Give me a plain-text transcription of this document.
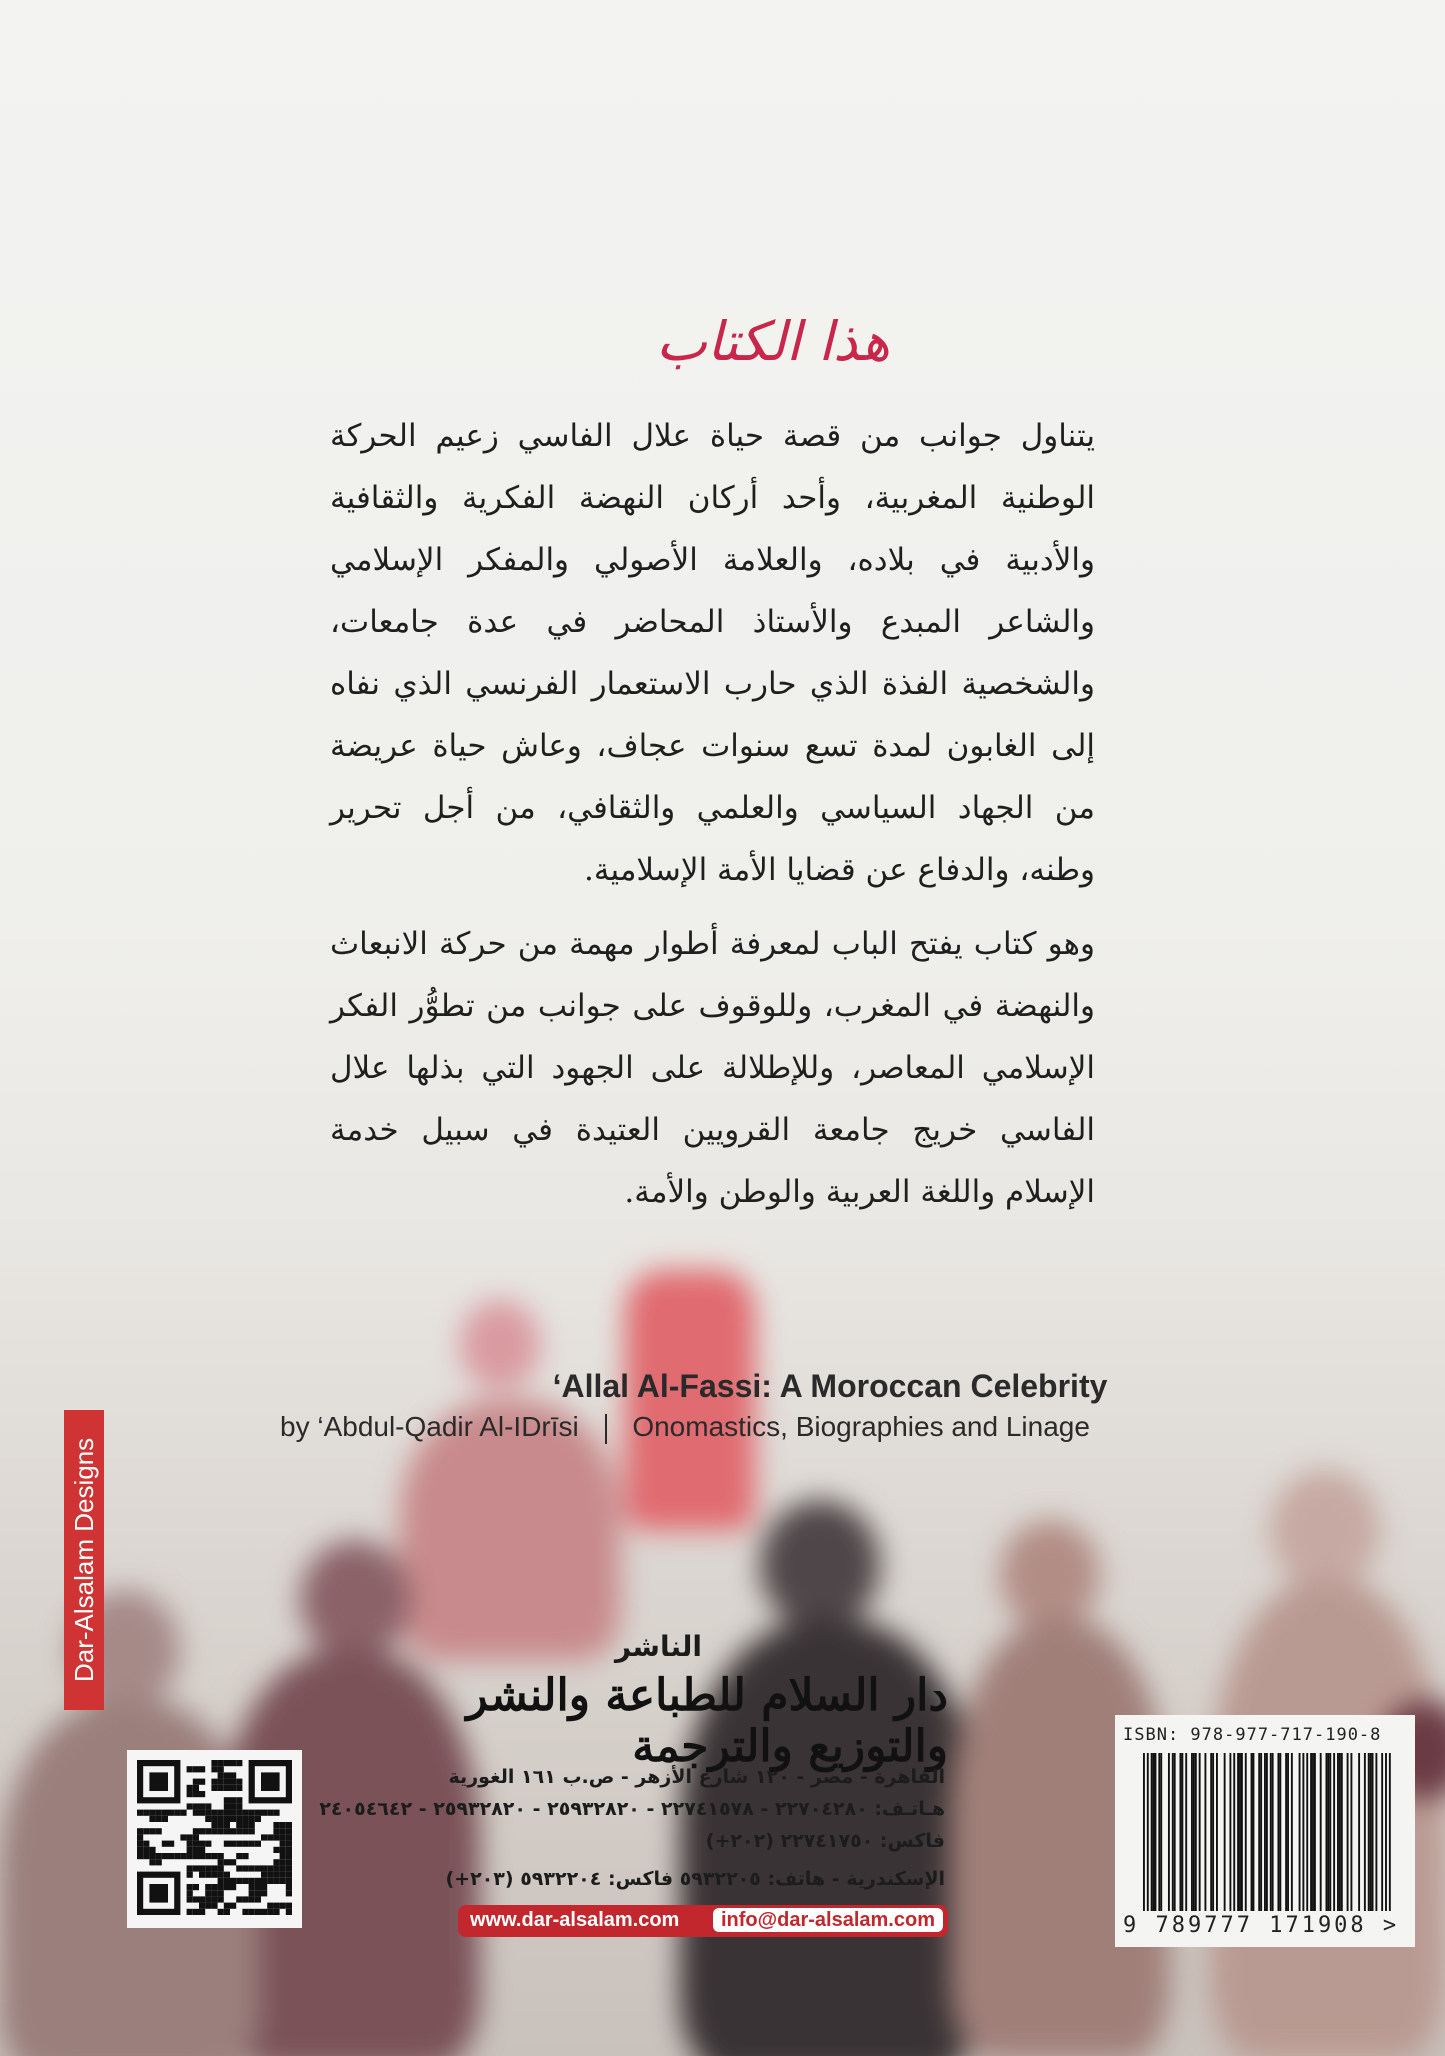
هذا الكتاب

يتناول جوانب من قصة حياة علال الفاسي زعيم الحركة الوطنية المغربية، وأحد أركان النهضة الفكرية والثقافية والأدبية في بلاده، والعلامة الأصولي والمفكر الإسلامي والشاعر المبدع والأستاذ المحاضر في عدة جامعات، والشخصية الفذة الذي حارب الاستعمار الفرنسي الذي نفاه إلى الغابون لمدة تسع سنوات عجاف، وعاش حياة عريضة من الجهاد السياسي والعلمي والثقافي، من أجل تحرير وطنه، والدفاع عن قضايا الأمة الإسلامية.

وهو كتاب يفتح الباب لمعرفة أطوار مهمة من حركة الانبعاث والنهضة في المغرب، وللوقوف على جوانب من تطوُّر الفكر الإسلامي المعاصر، وللإطلالة على الجهود التي بذلها علال الفاسي خريج جامعة القرويين العتيدة في سبيل خدمة الإسلام واللغة العربية والوطن والأمة.

‘Allal Al-Fassi: A Moroccan Celebrity
by ‘Abdul-Qadir Al-IDrīsi Onomastics, Biographies and Linage
Dar-Alsalam Designs	الناشر
دار السلام للطباعة والنشر والتوزيع والترجمة
القاهرة - مصر - ١٢٠ شارع الأزهر - ص.ب ١٦١ الغورية
هـاتـف: ٢٢٧٠٤٢٨٠ - ٢٢٧٤١٥٧٨ - ٢٥٩٣٢٨٢٠ - ٢٥٩٣٢٨٢٠ - ٢٤٠٥٤٦٤٢
فاكس: ٢٢٧٤١٧٥٠ (٢٠٢+)
الإسكندرية - هاتف: ٥٩٣٢٢٠٥ فاكس: ٥٩٣٢٢٠٤ (٢٠٣+)
www.dar-alsalam.com	info@dar-alsalam.com
ISBN: 978-977-717-190-8
9 789777 171908 >
